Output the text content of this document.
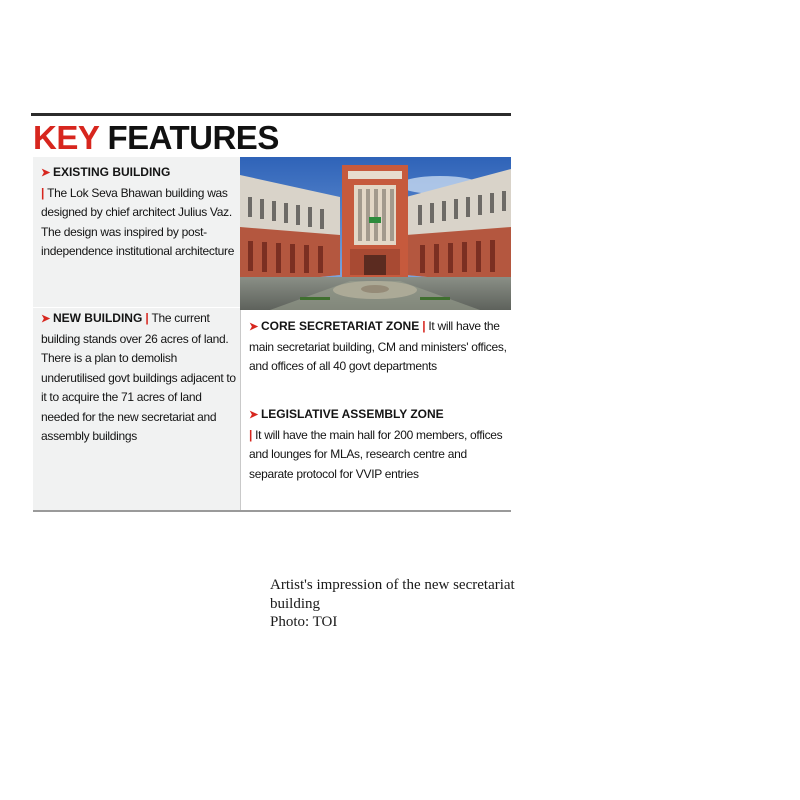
KEY FEATURES

➤ EXISTING BUILDING
| The Lok Seva Bhawan building was designed by chief architect Julius Vaz. The design was inspired by post-independence institutional architecture

➤ NEW BUILDING | The current building stands over 26 acres of land. There is a plan to demolish underutilised govt buildings adjacent to it to acquire the 71 acres of land needed for the new secretariat and assembly buildings

➤ CORE SECRETARIAT ZONE | It will have the main secretariat building, CM and ministers' offices, and offices of all 40 govt departments

➤ LEGISLATIVE ASSEMBLY ZONE
| It will have the main hall for 200 members, offices and lounges for MLAs, research centre and separate protocol for VVIP entries

Artist's impression of the new secretariat
building
Photo: TOI
